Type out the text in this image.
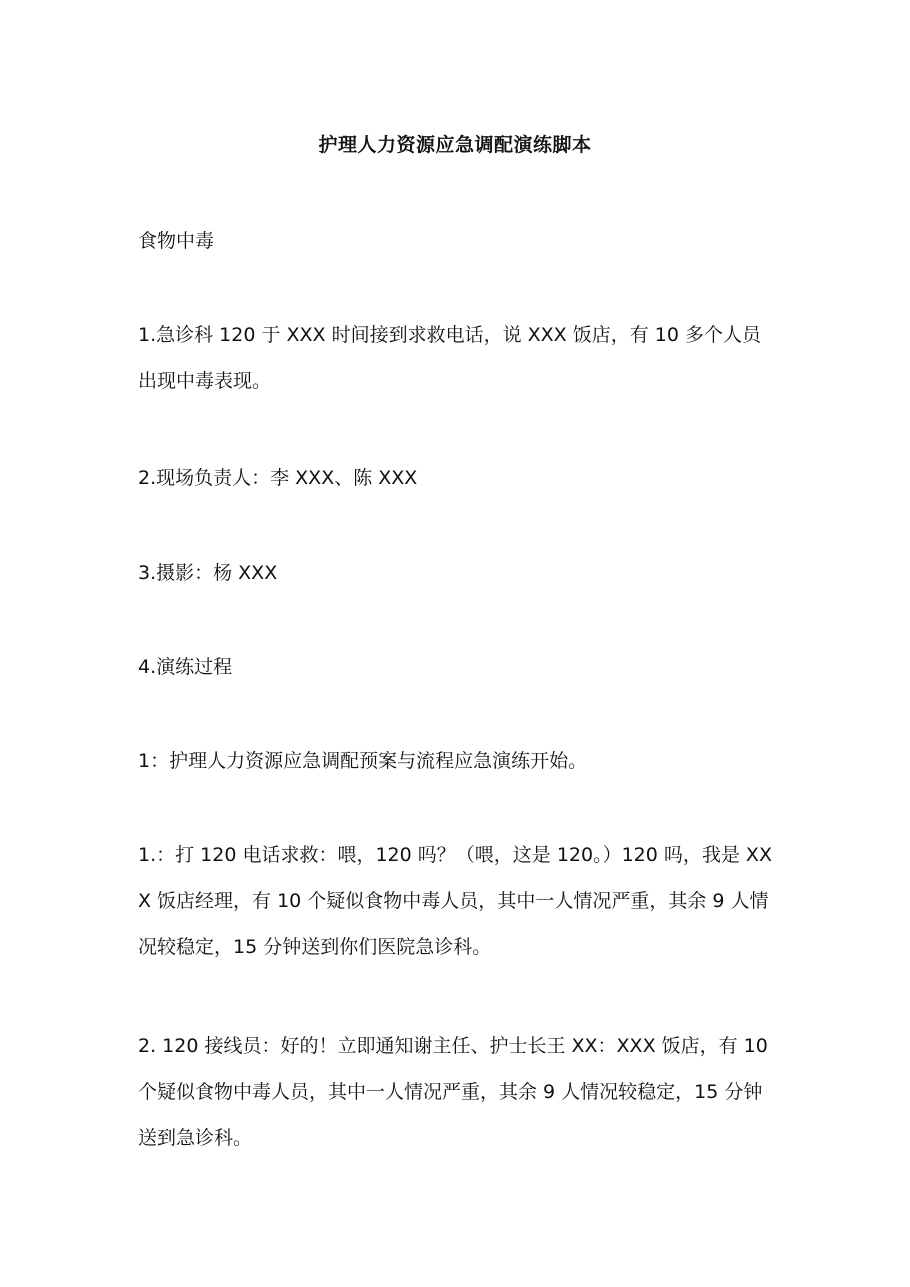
护理人力资源应急调配演练脚本

食物中毒

1.急诊科 120 于 XXX 时间接到求救电话，说 XXX 饭店，有 10 多个人员出现中毒表现。

2.现场负责人：李 XXX、陈 XXX

3.摄影：杨 XXX

4.演练过程

1：护理人力资源应急调配预案与流程应急演练开始。

1.：打 120 电话求救：喂，120 吗？（喂，这是 120。）120 吗，我是 XXX 饭店经理，有 10 个疑似食物中毒人员，其中一人情况严重，其余 9 人情况较稳定，15 分钟送到你们医院急诊科。

2. 120 接线员：好的！立即通知谢主任、护士长王 XX：XXX 饭店，有 10 个疑似食物中毒人员，其中一人情况严重，其余 9 人情况较稳定，15 分钟送到急诊科。
